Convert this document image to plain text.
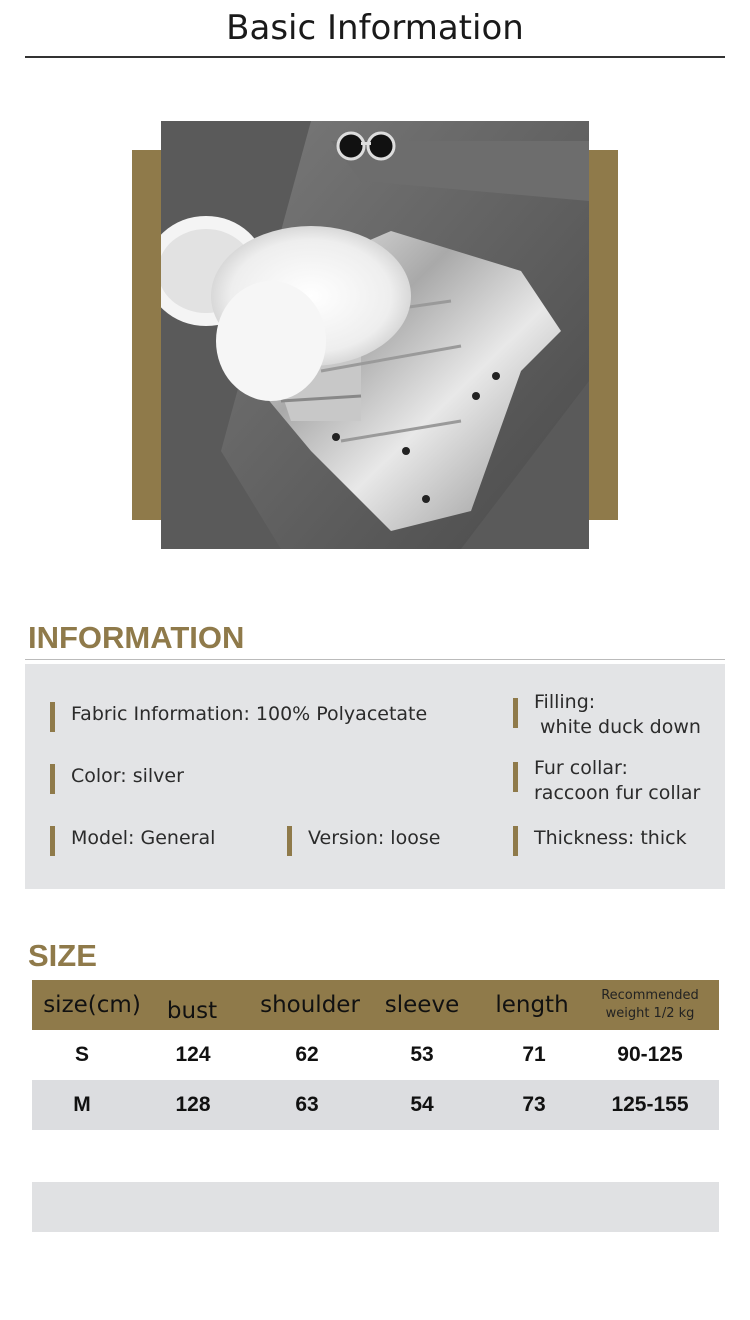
Basic Information
INFORMATION
Fabric Information: 100% Polyacetate
Filling:
white duck down
Color: silver	Fur collar:
raccoon fur collar
Model: General	Version: loose	Thickness: thick
SIZE
size(cm)	bust	shoulder	sleeve	length	Recommended
weight 1/2 kg
S	124	62	53	71	90-125
M	128	63	54	73	125-155
